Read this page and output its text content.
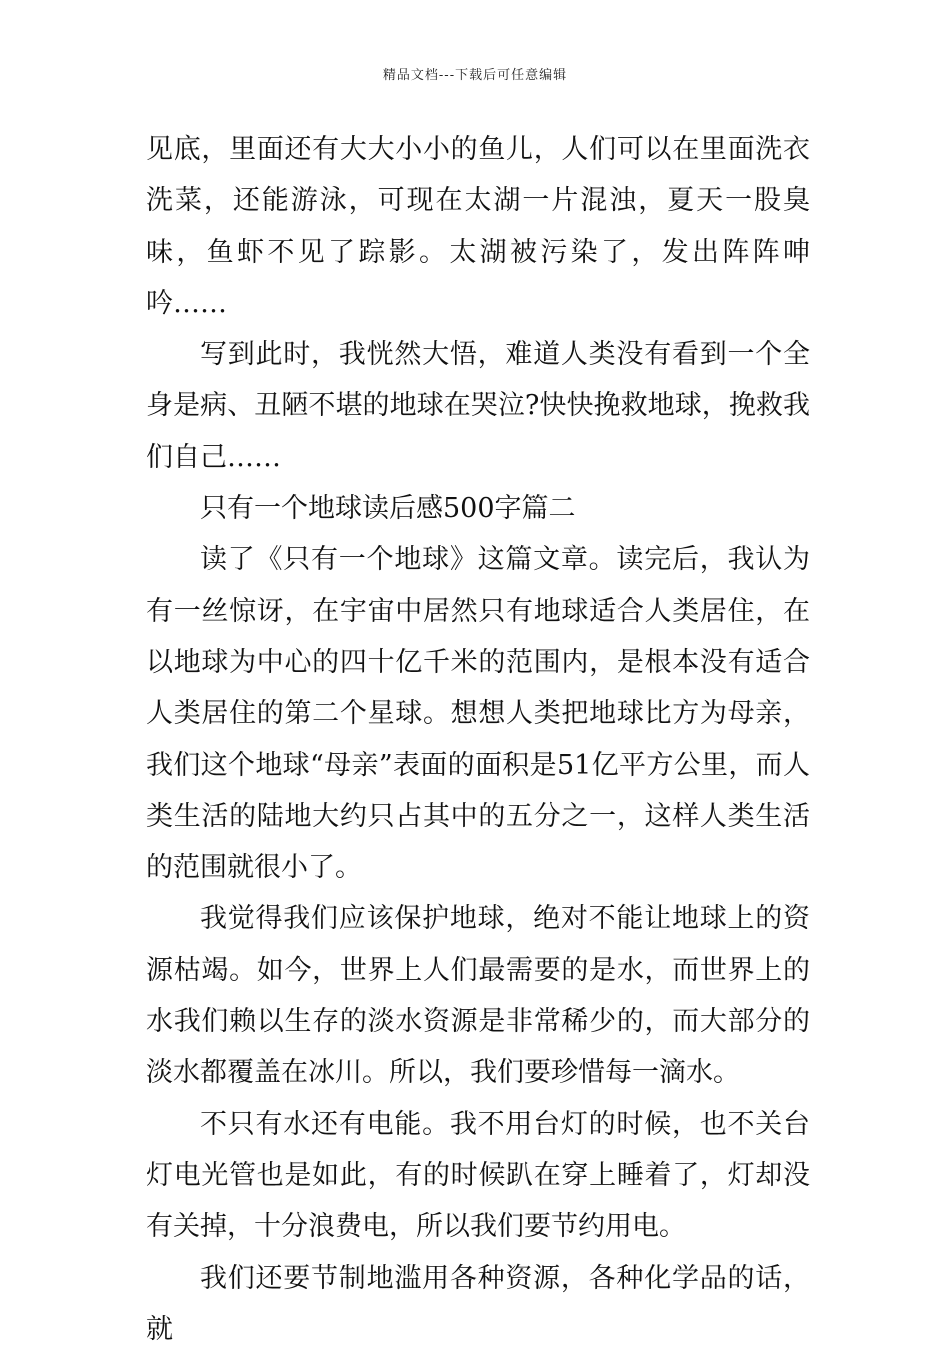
精品文档---下载后可任意编辑

见底，里面还有大大小小的鱼儿，人们可以在里面洗衣洗菜，还能游泳，可现在太湖一片混浊，夏天一股臭味，鱼虾不见了踪影。太湖被污染了，发出阵阵呻吟……

写到此时，我恍然大悟，难道人类没有看到一个全身是病、丑陋不堪的地球在哭泣?快快挽救地球，挽救我们自己……

只有一个地球读后感500字篇二

读了《只有一个地球》这篇文章。读完后，我认为有一丝惊讶，在宇宙中居然只有地球适合人类居住，在以地球为中心的四十亿千米的范围内，是根本没有适合人类居住的第二个星球。想想人类把地球比方为母亲，我们这个地球“母亲”表面的面积是51亿平方公里，而人类生活的陆地大约只占其中的五分之一，这样人类生活的范围就很小了。

我觉得我们应该保护地球，绝对不能让地球上的资源枯竭。如今，世界上人们最需要的是水，而世界上的水我们赖以生存的淡水资源是非常稀少的，而大部分的淡水都覆盖在冰川。所以，我们要珍惜每一滴水。

不只有水还有电能。我不用台灯的时候，也不关台灯电光管也是如此，有的时候趴在穿上睡着了，灯却没有关掉，十分浪费电，所以我们要节约用电。

我们还要节制地滥用各种资源，各种化学品的话，就
